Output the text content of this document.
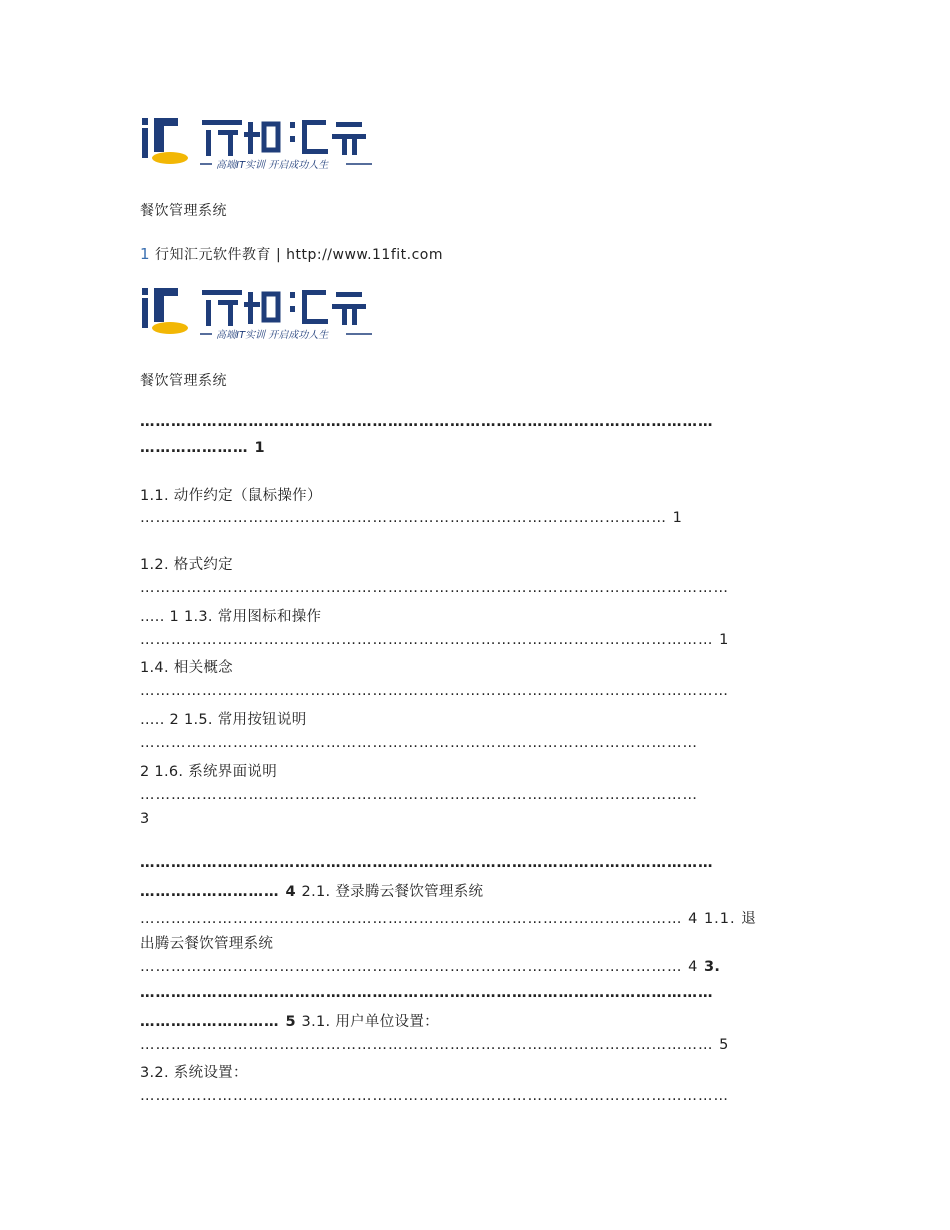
高端IT实训 开启成功人生
餐饮管理系统
1 行知汇元软件教育 | http://www.11fit.com
高端IT实训 开启成功人生
餐饮管理系统
…………………………………………………………………………………………………
………………… 1
1.1. 动作约定（鼠标操作）
………………………………………………………………………………………… 1
1.2. 格式约定
……………………………………………………………………………………………………
….. 1 1.3. 常用图标和操作
………………………………………………………………………………………………… 1
1.4. 相关概念
……………………………………………………………………………………………………
….. 2 1.5. 常用按钮说明
………………………………………………………………………………………………
2 1.6. 系统界面说明
………………………………………………………………………………………………
3
…………………………………………………………………………………………………
……………………… 4 2.1. 登录腾云餐饮管理系统
…………………………………………………………………………………………… 4 1.1. 退
出腾云餐饮管理系统
…………………………………………………………………………………………… 4 3.
…………………………………………………………………………………………………
……………………… 5 3.1. 用户单位设置：
………………………………………………………………………………………………… 5
3.2. 系统设置：
……………………………………………………………………………………………………
